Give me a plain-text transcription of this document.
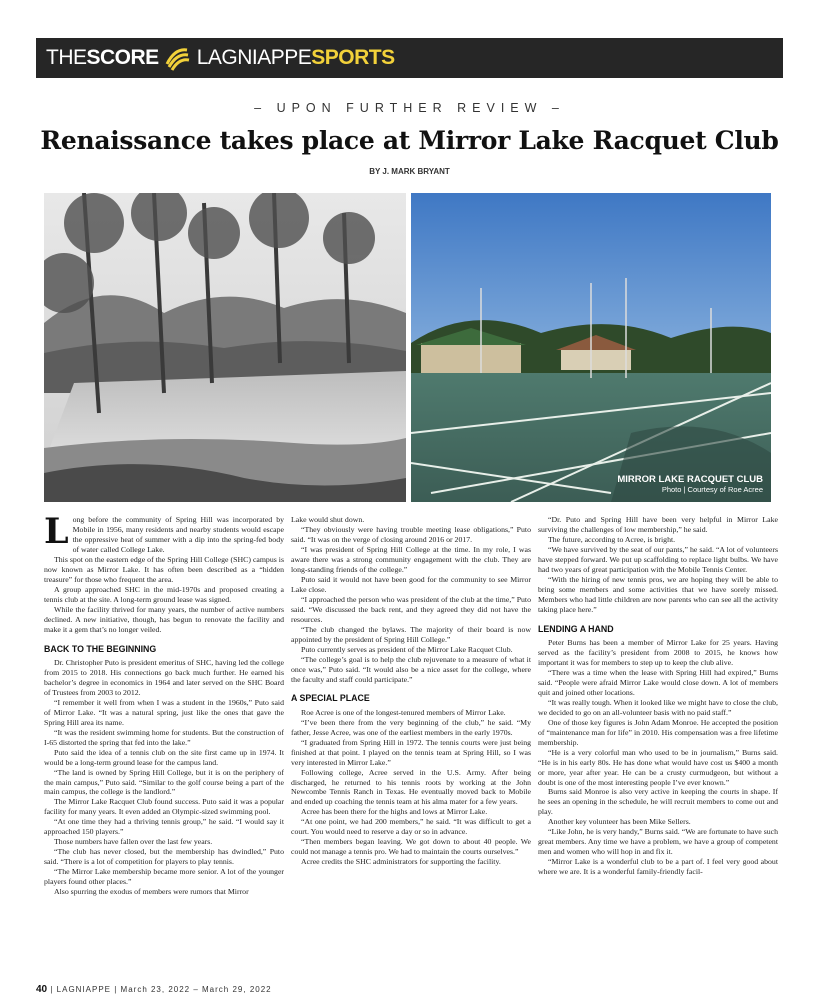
THESCORE LAGNIAPPESPORTS
– UPON FURTHER REVIEW –
Renaissance takes place at Mirror Lake Racquet Club
BY J. MARK BRYANT
MIRROR LAKE RACQUET CLUB
Photo | Courtesy of Roe Acree

Long before the community of Spring Hill was incorporated by Mobile in 1956, many residents and nearby students would escape the oppressive heat of summer with a dip into the spring-fed body of water called College Lake.

This spot on the eastern edge of the Spring Hill College (SHC) campus is now known as Mirror Lake. It has often been described as a “hidden treasure” for those who frequent the area.

A group approached SHC in the mid-1970s and proposed creating a tennis club at the site. A long-term ground lease was signed.

While the facility thrived for many years, the number of active numbers declined. A new initiative, though, has begun to renovate the facility and make it a gem that’s no longer veiled.

BACK TO THE BEGINNING

Dr. Christopher Puto is president emeritus of SHC, having led the college from 2015 to 2018. His connections go back much further. He earned his bachelor’s degree in economics in 1964 and later served on the SHC Board of Trustees from 2003 to 2012.

“I remember it well from when I was a student in the 1960s,” Puto said of Mirror Lake. “It was a natural spring, just like the ones that gave the Spring Hill area its name.

“It was the resident swimming home for students. But the construction of I-65 distorted the spring that fed into the lake.”

Puto said the idea of a tennis club on the site first came up in 1974. It would be a long-term ground lease for the campus land.

“The land is owned by Spring Hill College, but it is on the periphery of the main campus,” Puto said. “Similar to the golf course being a part of the main campus, the college is the landlord.”

The Mirror Lake Racquet Club found success. Puto said it was a popular facility for many years. It even added an Olympic-sized swimming pool.

“At one time they had a thriving tennis group,” he said. “I would say it approached 150 players.”

Those numbers have fallen over the last few years.

“The club has never closed, but the membership has dwindled,” Puto said. “There is a lot of competition for players to play tennis.

“The Mirror Lake membership became more senior. A lot of the younger players found other places.”

Also spurring the exodus of members were rumors that Mirror

Lake would shut down.

“They obviously were having trouble meeting lease obligations,” Puto said. “It was on the verge of closing around 2016 or 2017.

“I was president of Spring Hill College at the time. In my role, I was aware there was a strong community engagement with the club. They are long-standing friends of the college.”

Puto said it would not have been good for the community to see Mirror Lake close.

“I approached the person who was president of the club at the time,” Puto said. “We discussed the back rent, and they agreed they did not have the resources.

“The club changed the bylaws. The majority of their board is now appointed by the president of Spring Hill College.”

Puto currently serves as president of the Mirror Lake Racquet Club.

“The college’s goal is to help the club rejuvenate to a measure of what it once was,” Puto said. “It would also be a nice asset for the college, where the faculty and staff could participate.”

A SPECIAL PLACE

Roe Acree is one of the longest-tenured members of Mirror Lake.

“I’ve been there from the very beginning of the club,” he said. “My father, Jesse Acree, was one of the earliest members in the early 1970s.

“I graduated from Spring Hill in 1972. The tennis courts were just being finished at that point. I played on the tennis team at Spring Hill, so I was very interested in Mirror Lake.”

Following college, Acree served in the U.S. Army. After being discharged, he returned to his tennis roots by working at the John Newcombe Tennis Ranch in Texas. He eventually moved back to Mobile and ended up coaching the tennis team at his alma mater for a few years.

Acree has been there for the highs and lows at Mirror Lake.

“At one point, we had 200 members,” he said. “It was difficult to get a court. You would need to reserve a day or so in advance.

“Then members began leaving. We got down to about 40 people. We could not manage a tennis pro. We had to maintain the courts ourselves.”

Acree credits the SHC administrators for supporting the facility.

“Dr. Puto and Spring Hill have been very helpful in Mirror Lake surviving the challenges of low membership,” he said.

The future, according to Acree, is bright.

“We have survived by the seat of our pants,” he said. “A lot of volunteers have stepped forward. We put up scaffolding to replace light bulbs. We have had two years of great participation with the Mobile Tennis Center.

“With the hiring of new tennis pros, we are hoping they will be able to bring some members and some activities that we have sorely missed. Members who had little children are now parents who can see all the activity taking place here.”

LENDING A HAND

Peter Burns has been a member of Mirror Lake for 25 years. Having served as the facility’s president from 2008 to 2015, he knows how important it was for members to step up to keep the club alive.

“There was a time when the lease with Spring Hill had expired,” Burns said. “People were afraid Mirror Lake would close down. A lot of members quit and joined other locations.

“It was really tough. When it looked like we might have to close the club, we decided to go on an all-volunteer basis with no paid staff.”

One of those key figures is John Adam Monroe. He accepted the position of “maintenance man for life” in 2010. His compensation was a free lifetime membership.

“He is a very colorful man who used to be in journalism,” Burns said. “He is in his early 80s. He has done what would have cost us $400 a month or more, year after year. He can be a crusty curmudgeon, but without a doubt is one of the most interesting people I’ve ever known.”

Burns said Monroe is also very active in keeping the courts in shape. If he sees an opening in the schedule, he will recruit members to come out and play.

Another key volunteer has been Mike Sellers.

“Like John, he is very handy,” Burns said. “We are fortunate to have such great members. Any time we have a problem, we have a group of competent men and women who will hop in and fix it.

“Mirror Lake is a wonderful club to be a part of. I feel very good about where we are. It is a wonderful family-friendly facil-

40 | LAGNIAPPE | March 23, 2022 – March 29, 2022
